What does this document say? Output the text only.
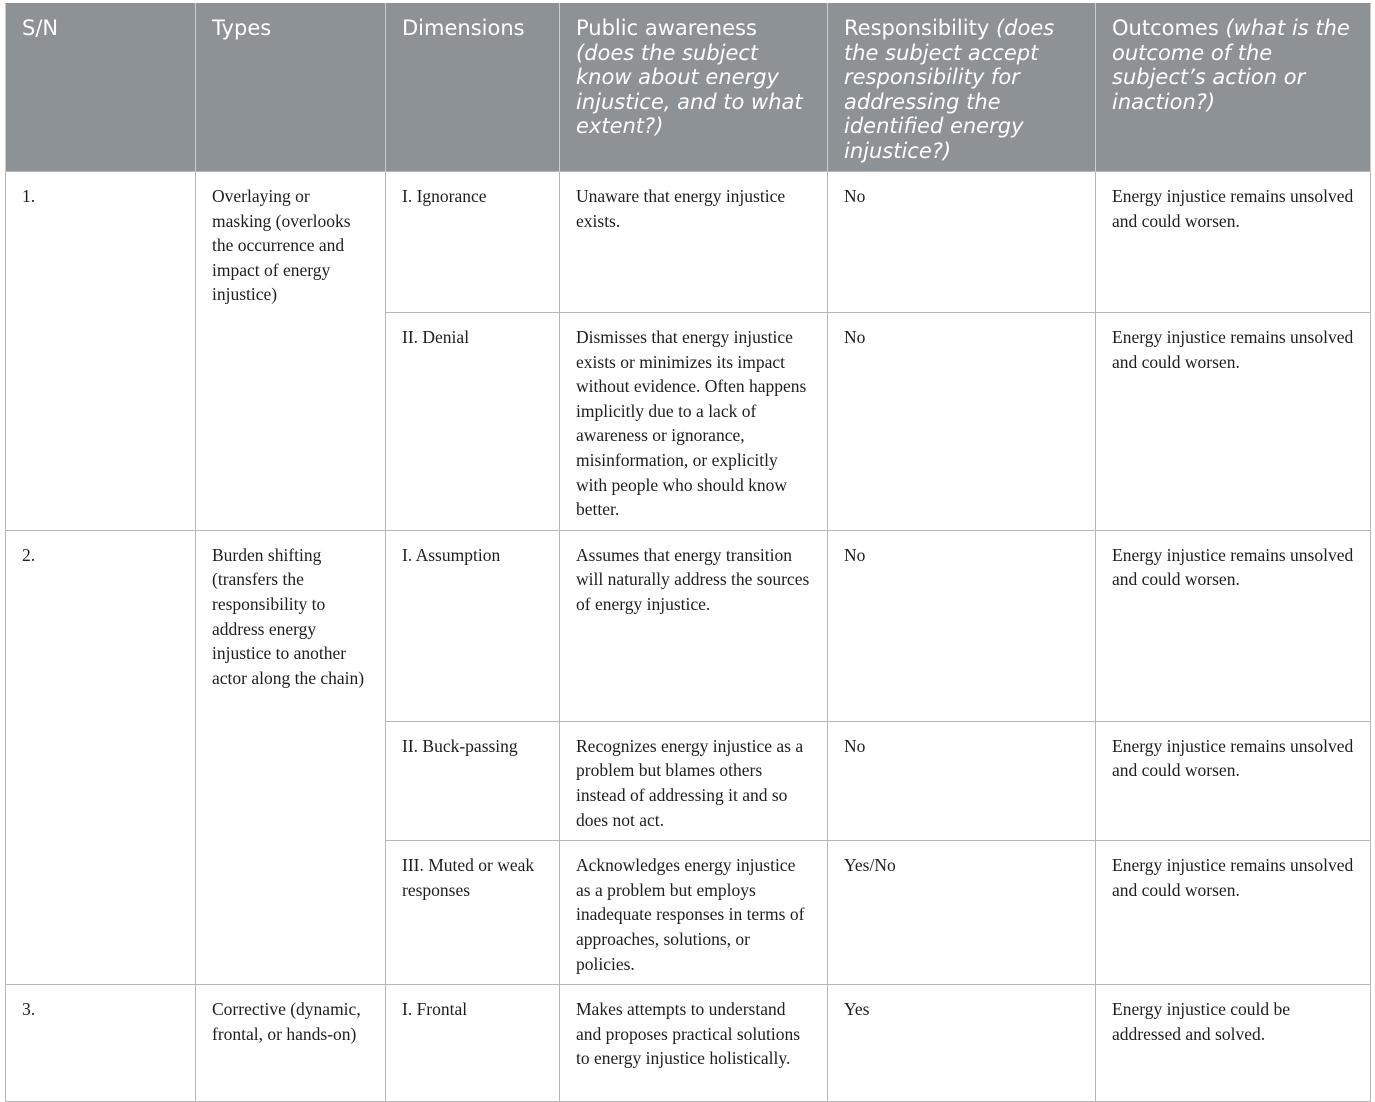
S/N	Types	Dimensions	Public awareness (does the subject know about energy injustice, and to what extent?)	Responsibility (does the subject accept responsibility for addressing the identified energy injustice?)	Outcomes (what is the outcome of the subject’s action or inaction?)
1.	Overlaying or masking (overlooks the occurrence and impact of energy injustice)	I. Ignorance	Unaware that energy injustice exists.	No	Energy injustice remains unsolved and could worsen.
		II. Denial	Dismisses that energy injustice exists or minimizes its impact without evidence. Often happens implicitly due to a lack of awareness or ignorance, misinformation, or explicitly with people who should know better.	No	Energy injustice remains unsolved and could worsen.
2.	Burden shifting (transfers the responsibility to address energy injustice to another actor along the chain)	I. Assumption	Assumes that energy transition will naturally address the sources of energy injustice.	No	Energy injustice remains unsolved and could worsen.
		II. Buck-passing	Recognizes energy injustice as a problem but blames others instead of addressing it and so does not act.	No	Energy injustice remains unsolved and could worsen.
		III. Muted or weak responses	Acknowledges energy injustice as a problem but employs inadequate responses in terms of approaches, solutions, or policies.	Yes/No	Energy injustice remains unsolved and could worsen.
3.	Corrective (dynamic, frontal, or hands-on)	I. Frontal	Makes attempts to understand and proposes practical solutions to energy injustice holistically.	Yes	Energy injustice could be addressed and solved.
